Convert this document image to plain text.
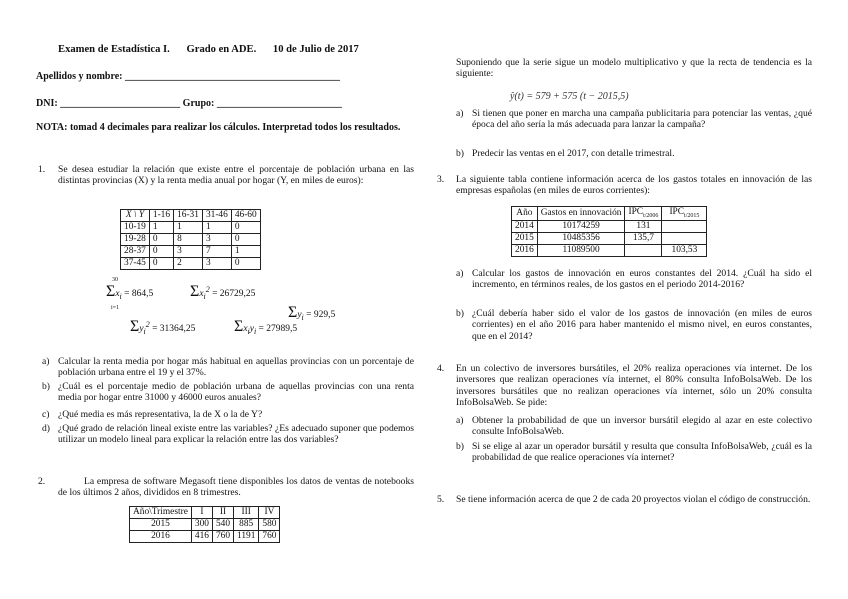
Examen de Estadística I. Grado en ADE. 10 de Julio de 2017
Apellidos y nombre: ___________________________________________
DNI: ________________________ Grupo: _________________________
NOTA: tomad 4 decimales para realizar los cálculos. Interpretad todos los resultados.
1. Se desea estudiar la relación que existe entre el porcentaje de población urbana en las distintas provincias (X) y la renta media anual por hogar (Y, en miles de euros):
X \ Y	1-16	16-31	31-46	46-60
10-19	1	1	1	0
19-28	0	8	3	0
28-37	0	3	7	1
37-45	0	2	3	0
$\Sigma x_i = 864,5$ $\Sigma x_i^2 = 26729,25$
$\Sigma y_i = 929,5$
$\Sigma y_i^2 = 31364,25$ $\Sigma x_iy_i = 27989,5$
30
i=1
a) Calcular la renta media por hogar más habitual en aquellas provincias con un porcentaje de población urbana entre el 19 y el 37%.
b) ¿Cuál es el porcentaje medio de población urbana de aquellas provincias con una renta media por hogar entre 31000 y 46000 euros anuales?
c) ¿Qué media es más representativa, la de X o la de Y?
d) ¿Qué grado de relación lineal existe entre las variables? ¿Es adecuado suponer que podemos utilizar un modelo lineal para explicar la relación entre las dos variables?
2.	La empresa de software Megasoft tiene disponibles los datos de ventas de notebooks de los últimos 2 años, divididos en 8 trimestres.
Año\Trimestre	I	II	III	IV
2015	300	540	885	580
2016	416	760	1191	760
Suponiendo que la serie sigue un modelo multiplicativo y que la recta de tendencia es la siguiente:
ŷ(t) = 579 + 575 (t − 2015,5)
a) Si tienen que poner en marcha una campaña publicitaria para potenciar las ventas, ¿qué época del año sería la más adecuada para lanzar la campaña?
b) Predecir las ventas en el 2017, con detalle trimestral.
3. La siguiente tabla contiene información acerca de los gastos totales en innovación de las empresas españolas (en miles de euros corrientes):
Año	Gastos en innovación	$IPC_{t/2006}$	$IPC_{t/2015}$
2014	10174259	131	
2015	10485356	135,7	
2016	11089500		103,53
a) Calcular los gastos de innovación en euros constantes del 2014. ¿Cuál ha sido el incremento, en términos reales, de los gastos en el periodo 2014-2016?
b) ¿Cuál debería haber sido el valor de los gastos de innovación (en miles de euros corrientes) en el año 2016 para haber mantenido el mismo nivel, en euros constantes, que en el 2014?
4. En un colectivo de inversores bursátiles, el 20% realiza operaciones vía internet. De los inversores que realizan operaciones vía internet, el 80% consulta InfoBolsaWeb. De los inversores bursátiles que no realizan operaciones vía internet, sólo un 20% consulta InfoBolsaWeb. Se pide:
a) Obtener la probabilidad de que un inversor bursátil elegido al azar en este colectivo consulte InfoBolsaWeb.
b) Si se elige al azar un operador bursátil y resulta que consulta InfoBolsaWeb, ¿cuál es la probabilidad de que realice operaciones vía internet?
5. Se tiene información acerca de que 2 de cada 20 proyectos violan el código de construcción.
